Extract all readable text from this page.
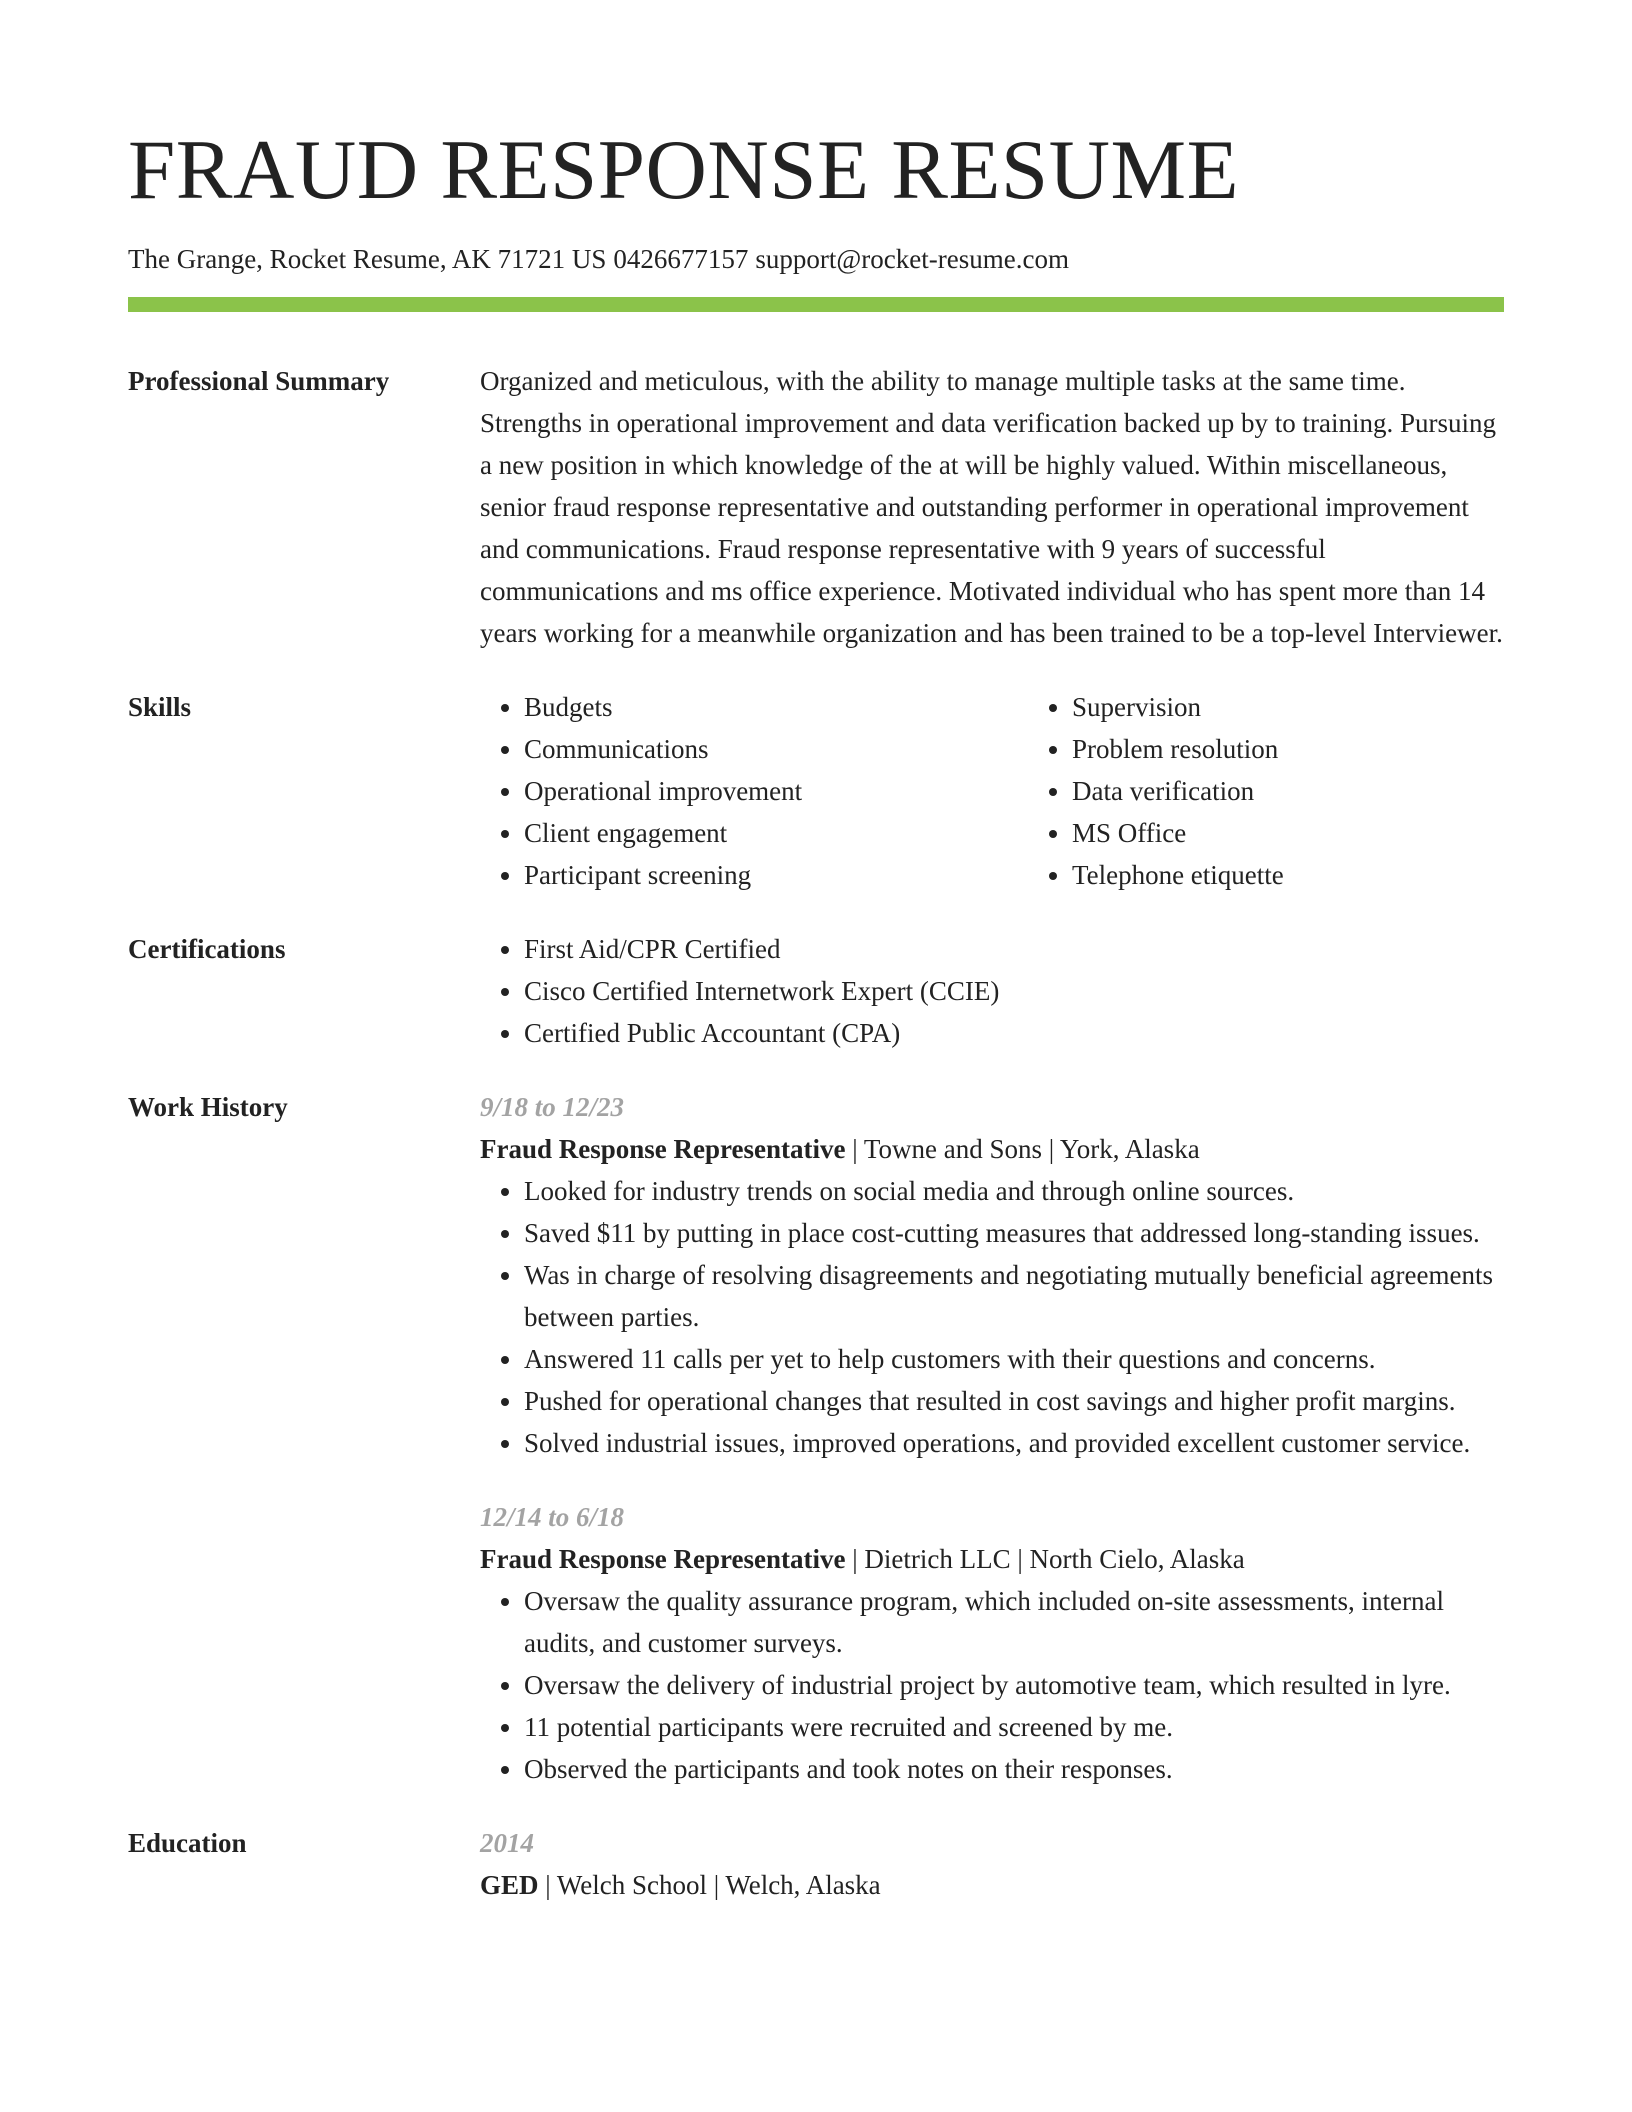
FRAUD RESPONSE RESUME
The Grange, Rocket Resume, AK 71721 US 0426677157 support@rocket-resume.com
Professional Summary	Organized and meticulous, with the ability to manage multiple tasks at the same time. Strengths in operational improvement and data verification backed up by to training. Pursuing a new position in which knowledge of the at will be highly valued. Within miscellaneous, senior fraud response representative and outstanding performer in operational improvement and communications. Fraud response representative with 9 years of successful communications and ms office experience. Motivated individual who has spent more than 14 years working for a meanwhile organization and has been trained to be a top-level Interviewer.

Skills	• Budgets
• Communications
• Operational improvement
• Client engagement
• Participant screening
• Supervision
• Problem resolution
• Data verification
• MS Office
• Telephone etiquette
Certifications	• First Aid/CPR Certified
• Cisco Certified Internetwork Expert (CCIE)
• Certified Public Accountant (CPA)
Work History	9/18 to 12/23
Fraud Response Representative | Towne and Sons | York, Alaska
• Looked for industry trends on social media and through online sources.
• Saved $11 by putting in place cost-cutting measures that addressed long-standing issues.
• Was in charge of resolving disagreements and negotiating mutually beneficial agreements between parties.
• Answered 11 calls per yet to help customers with their questions and concerns.
• Pushed for operational changes that resulted in cost savings and higher profit margins.
• Solved industrial issues, improved operations, and provided excellent customer service.
12/14 to 6/18
Fraud Response Representative | Dietrich LLC | North Cielo, Alaska
• Oversaw the quality assurance program, which included on-site assessments, internal audits, and customer surveys.
• Oversaw the delivery of industrial project by automotive team, which resulted in lyre.
• 11 potential participants were recruited and screened by me.
• Observed the participants and took notes on their responses.
Education	2014
GED | Welch School | Welch, Alaska
